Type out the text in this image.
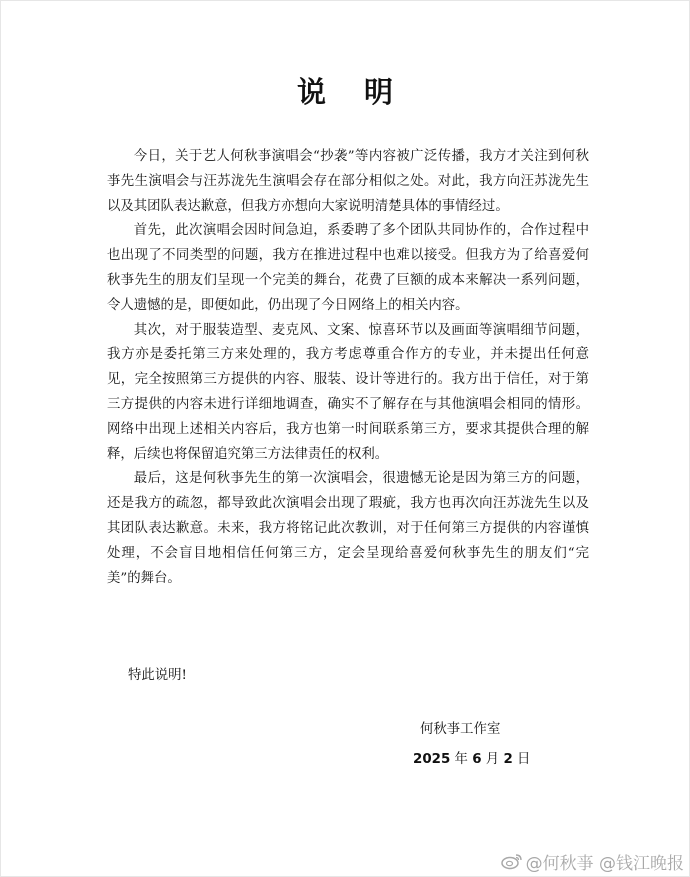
说 明

今日，关于艺人何秋亊演唱会“抄袭”等内容被广泛传播，我方才关注到何秋亊先生演唱会与汪苏泷先生演唱会存在部分相似之处。对此，我方向汪苏泷先生以及其团队表达歉意，但我方亦想向大家说明清楚具体的事情经过。

首先，此次演唱会因时间急迫，系委聘了多个团队共同协作的，合作过程中也出现了不同类型的问题，我方在推进过程中也难以接受。但我方为了给喜爱何秋亊先生的朋友们呈现一个完美的舞台，花费了巨额的成本来解决一系列问题，令人遗憾的是，即便如此，仍出现了今日网络上的相关内容。

其次，对于服装造型、麦克风、文案、惊喜环节以及画面等演唱细节问题，我方亦是委托第三方来处理的，我方考虑尊重合作方的专业，并未提出任何意见，完全按照第三方提供的内容、服装、设计等进行的。我方出于信任，对于第三方提供的内容未进行详细地调查，确实不了解存在与其他演唱会相同的情形。网络中出现上述相关内容后，我方也第一时间联系第三方，要求其提供合理的解释，后续也将保留追究第三方法律责任的权利。

最后，这是何秋亊先生的第一次演唱会，很遗憾无论是因为第三方的问题，还是我方的疏忽，都导致此次演唱会出现了瑕疵，我方也再次向汪苏泷先生以及其团队表达歉意。未来，我方将铭记此次教训，对于任何第三方提供的内容谨慎处理，不会盲目地相信任何第三方，定会呈现给喜爱何秋亊先生的朋友们“完美”的舞台。

特此说明!
何秋亊工作室
2025 年 6 月 2 日
@何秋亊 @钱江晚报
